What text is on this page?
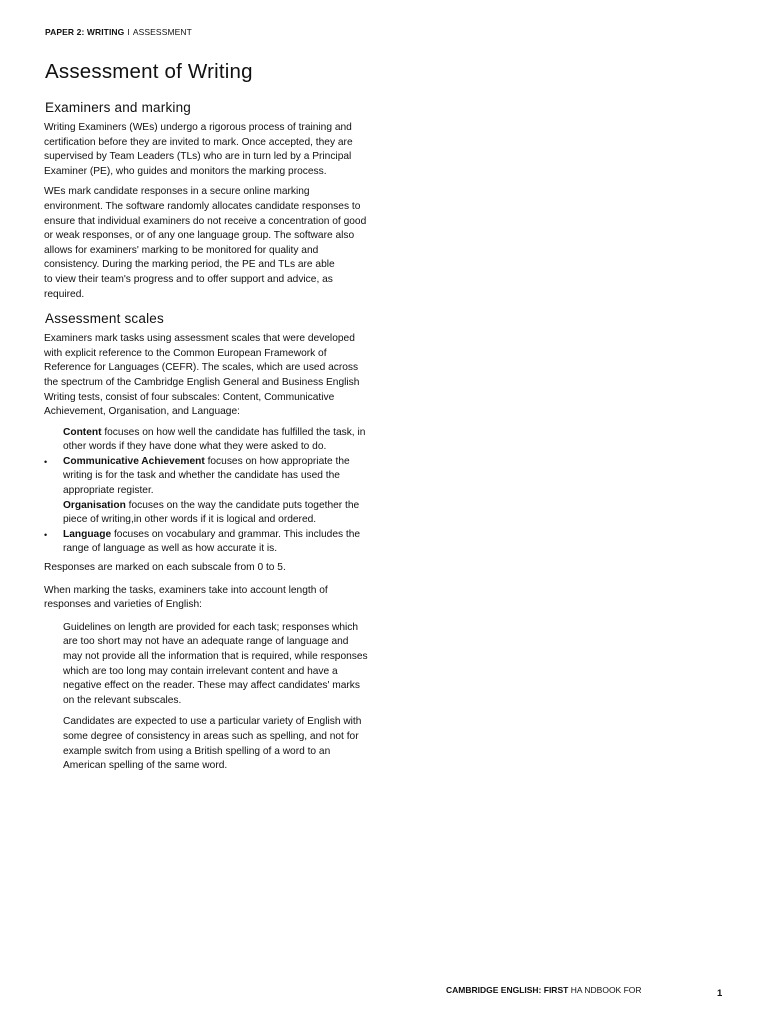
PAPER 2: WRITING I ASSESSMENT
Assessment of Writing
Examiners and marking

Writing Examiners (WEs) undergo a rigorous process of training and certification before they are invited to mark. Once accepted, they are supervised by Team Leaders (TLs) who are in turn led by a Principal Examiner (PE), who guides and monitors the marking process.

WEs mark candidate responses in a secure online marking environment. The software randomly allocates candidate responses to ensure that individual examiners do not receive a concentration of good or weak responses, or of any one language group. The software also allows for examiners' marking to be monitored for quality and consistency. During the marking period, the PE and TLs are able

to view their team's progress and to offer support and advice, as required.

Assessment scales

Examiners mark tasks using assessment scales that were developed with explicit reference to the Common European Framework of Reference for Languages (CEFR). The scales, which are used across the spectrum of the Cambridge English General and Business English Writing tests, consist of four subscales: Content, Communicative Achievement, Organisation, and Language:

Content focuses on how well the candidate has fulfilled the task, in other words if they have done what they were asked to do.
• Communicative Achievement focuses on how appropriate the writing is for the task and whether the candidate has used the appropriate register.
Organisation focuses on the way the candidate puts together the piece of writing,in other words if it is logical and ordered.
• Language focuses on vocabulary and grammar. This includes the range of language as well as how accurate it is.

Responses are marked on each subscale from 0 to 5.

When marking the tasks, examiners take into account length of responses and varieties of English:

Guidelines on length are provided for each task; responses which are too short may not have an adequate range of language and may not provide all the information that is required, while responses which are too long may contain irrelevant content and have a negative effect on the reader. These may affect candidates' marks on the relevant subscales.

Candidates are expected to use a particular variety of English with some degree of consistency in areas such as spelling, and not for example switch from using a British spelling of a word to an American spelling of the same word.

CAMBRIDGE ENGLISH: FIRST HA NDBOOK FOR	1
